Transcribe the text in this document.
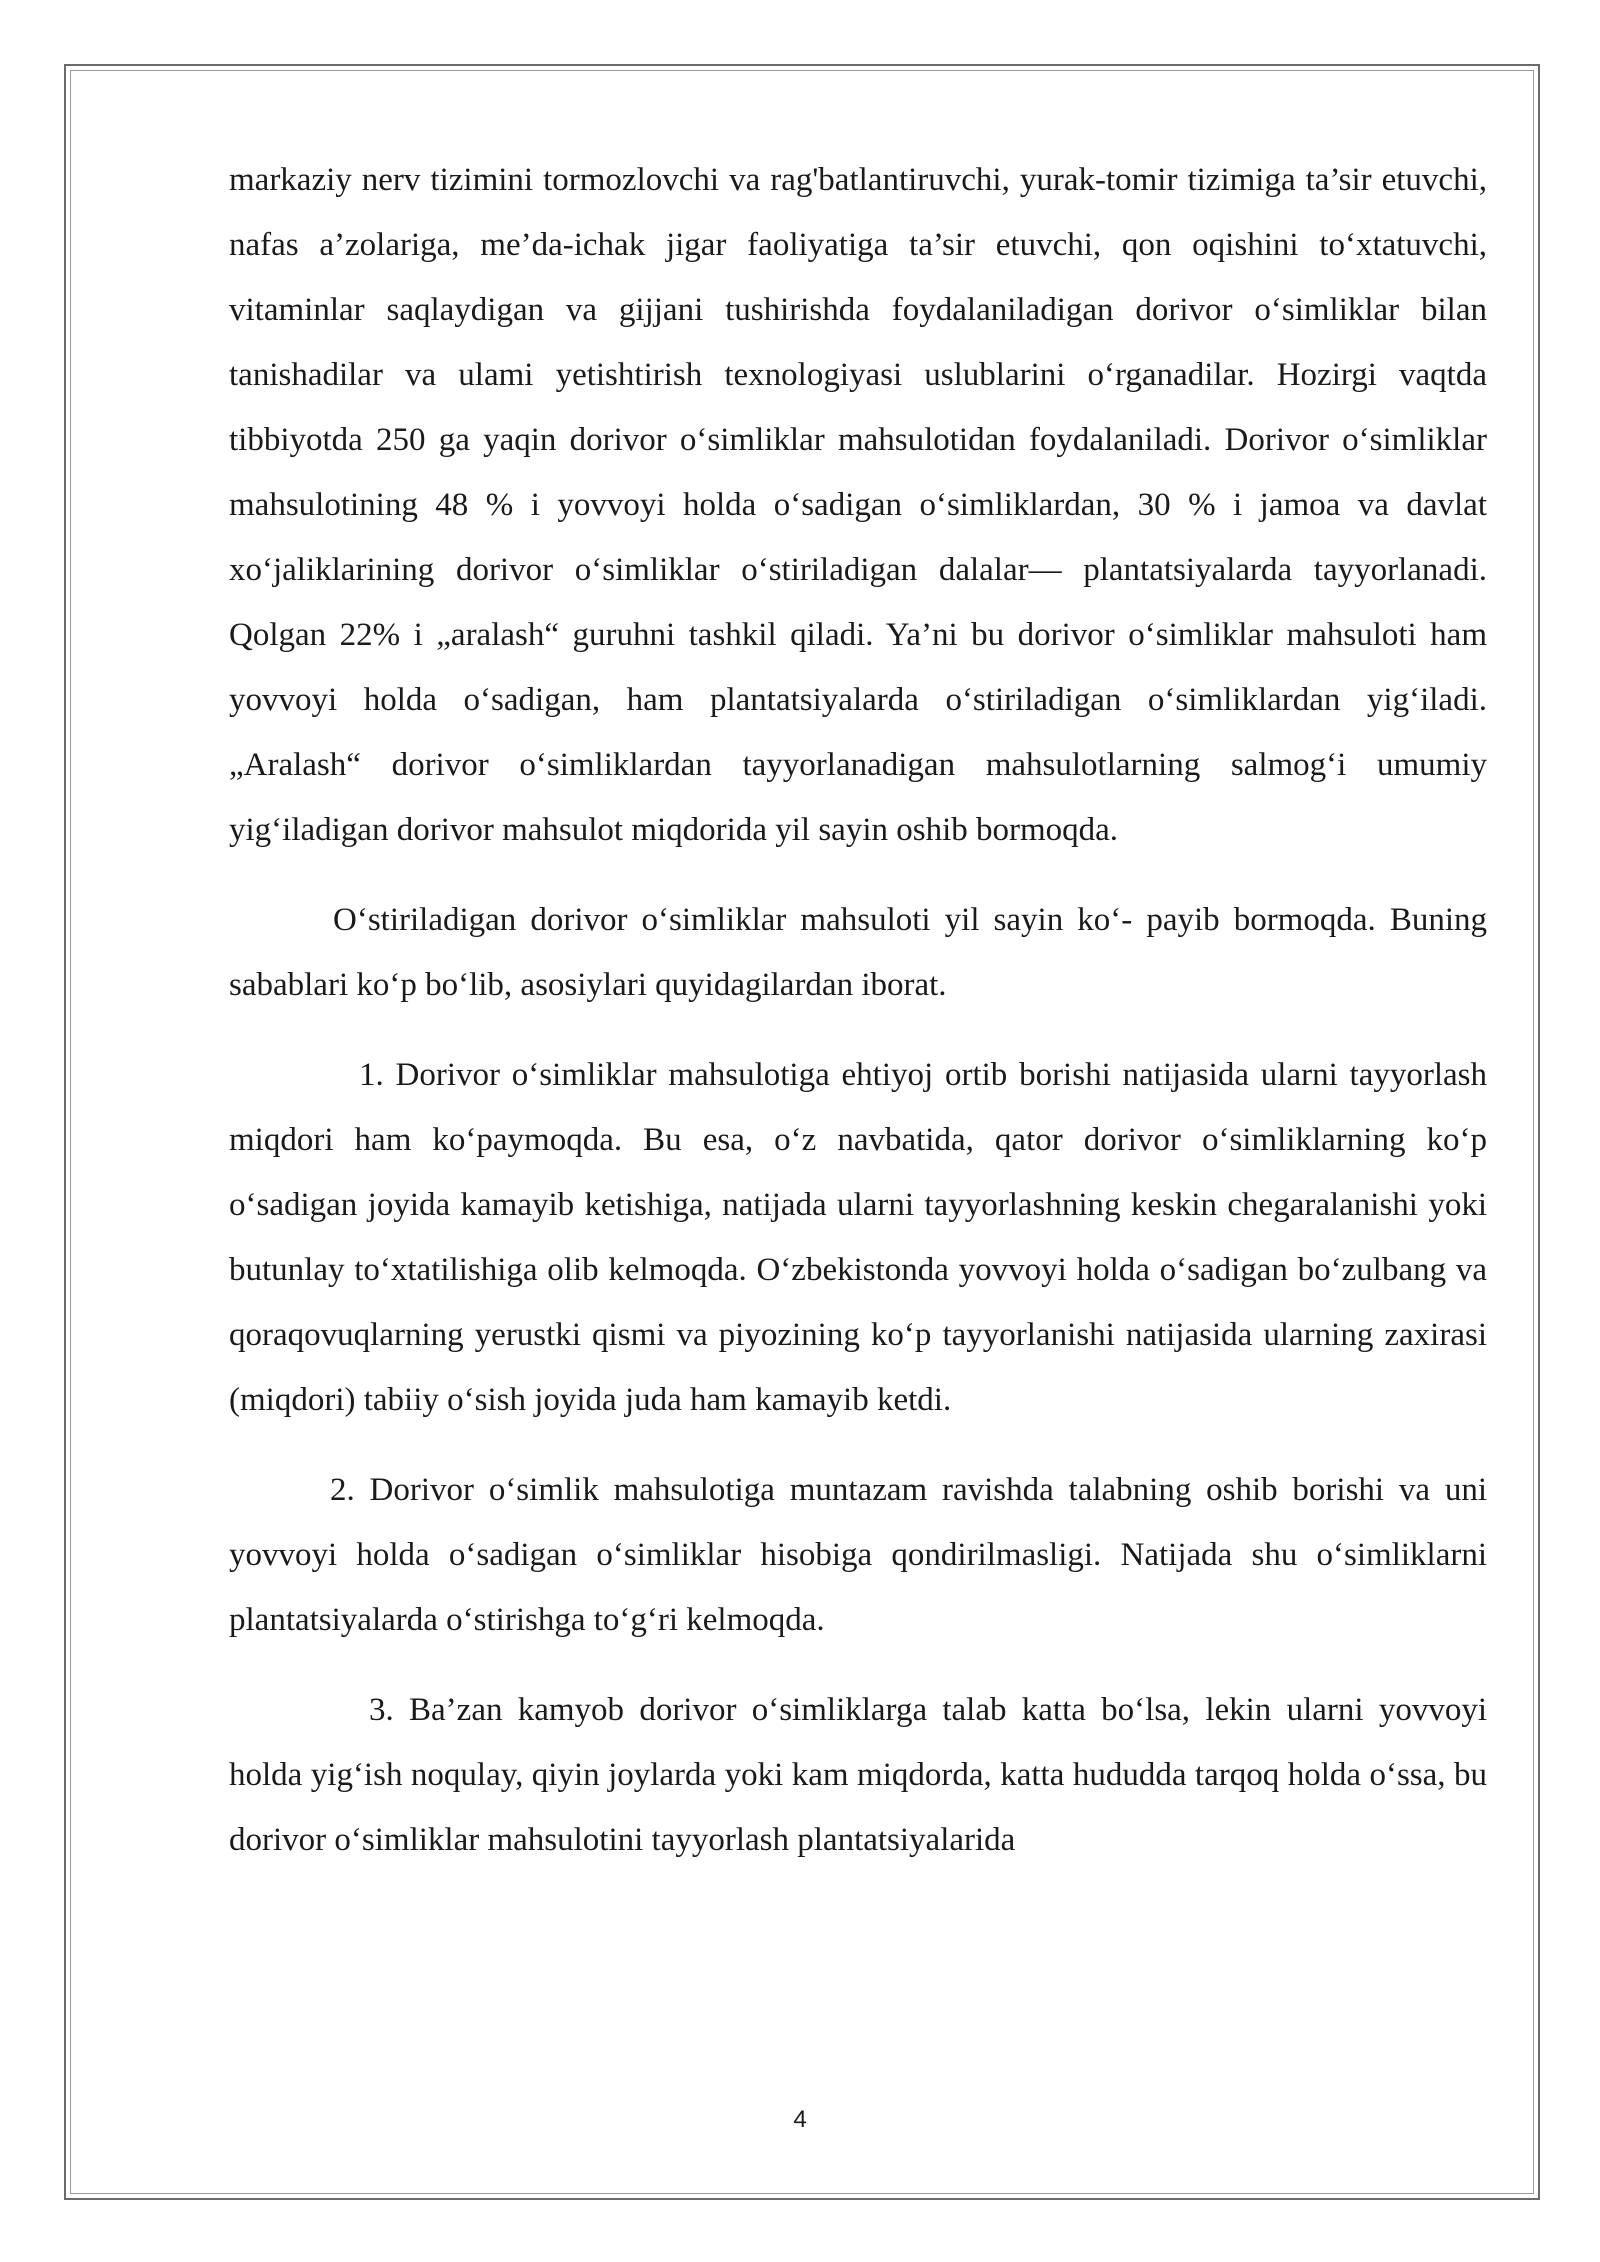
markaziy nerv tizimini tormozlovchi va rag'batlantiruvchi, yurak-tomir tizimiga ta’sir etuvchi, nafas a’zolariga, me’da-ichak jigar faoliyatiga ta’sir etuvchi, qon oqishini to‘xtatuvchi, vitaminlar saqlaydigan va gijjani tushirishda foydalaniladigan dorivor o‘simliklar bilan tanishadilar va ulami yetishtirish texnologiyasi uslublarini o‘rganadilar. Hozirgi vaqtda tibbiyotda 250 ga yaqin dorivor o‘simliklar mahsulotidan foydalaniladi. Dorivor o‘simliklar mahsulotining 48 % i yovvoyi holda o‘sadigan o‘simliklardan, 30 % i jamoa va davlat xo‘jaliklarining dorivor o‘simliklar o‘stiriladigan dalalar— plantatsiyalarda tayyorlanadi. Qolgan 22% i „aralash“ guruhni tashkil qiladi. Ya’ni bu dorivor o‘simliklar mahsuloti ham yovvoyi holda o‘sadigan, ham plantatsiyalarda o‘stiriladigan o‘simliklardan yig‘iladi. „Aralash“ dorivor o‘simliklardan tayyorlanadigan mahsulotlarning salmog‘i umumiy yig‘iladigan dorivor mahsulot miqdorida yil sayin oshib bormoqda.

O‘stiriladigan dorivor o‘simliklar mahsuloti yil sayin ko‘- payib bormoqda. Buning sabablari ko‘p bo‘lib, asosiylari quyidagilardan iborat.

1. Dorivor o‘simliklar mahsulotiga ehtiyoj ortib borishi natijasida ularni tayyorlash miqdori ham ko‘paymoqda. Bu esa, o‘z navbatida, qator dorivor o‘simliklarning ko‘p o‘sadigan joyida kamayib ketishiga, natijada ularni tayyorlashning keskin chegaralanishi yoki butunlay to‘xtatilishiga olib kelmoqda. O‘zbekistonda yovvoyi holda o‘sadigan bo‘zulbang va qoraqovuqlarning yerustki qismi va piyozining ko‘p tayyorlanishi natijasida ularning zaxirasi (miqdori) tabiiy o‘sish joyida juda ham kamayib ketdi.

2. Dorivor o‘simlik mahsulotiga muntazam ravishda talabning oshib borishi va uni yovvoyi holda o‘sadigan o‘simliklar hisobiga qondirilmasligi. Natijada shu o‘simliklarni plantatsiyalarda o‘stirishga to‘g‘ri kelmoqda.

3. Ba’zan kamyob dorivor o‘simliklarga talab katta bo‘lsa, lekin ularni yovvoyi holda yig‘ish noqulay, qiyin joylarda yoki kam miqdorda, katta hududda tarqoq holda o‘ssa, bu dorivor o‘simliklar mahsulotini tayyorlash plantatsiyalarida

4
